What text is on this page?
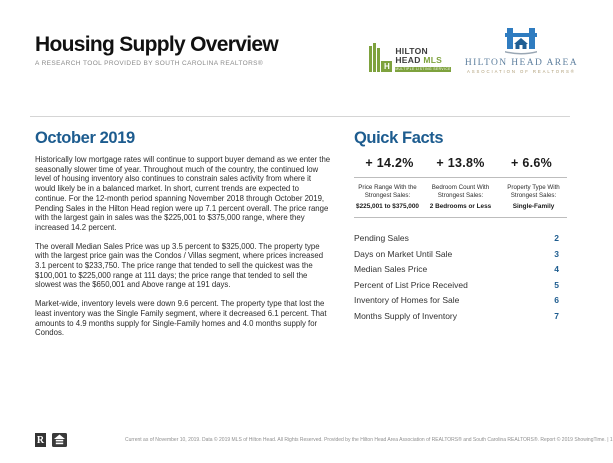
Housing Supply Overview
A RESEARCH TOOL PROVIDED BY SOUTH CAROLINA REALTORS®	H
HILTON
HEAD MLS
MULTIPLE LISTING SERVICE
HILTON HEAD AREA
ASSOCIATION OF REALTORS®
October 2019

Historically low mortgage rates will continue to support buyer demand as we enter the seasonally slower time of year. Throughout much of the country, the continued low level of housing inventory also continues to constrain sales activity from where it would likely be in a balanced market. In short, current trends are expected to continue. For the 12-month period spanning November 2018 through October 2019, Pending Sales in the Hilton Head region were up 7.1 percent overall. The price range with the largest gain in sales was the $225,001 to $375,000 range, where they increased 14.2 percent.

The overall Median Sales Price was up 3.5 percent to $325,000. The property type with the largest price gain was the Condos / Villas segment, where prices increased 3.1 percent to $233,750. The price range that tended to sell the quickest was the $100,001 to $225,000 range at 111 days; the price range that tended to sell the slowest was the $650,001 and Above range at 191 days.

Market-wide, inventory levels were down 9.6 percent. The property type that lost the least inventory was the Single Family segment, where it decreased 6.1 percent. That amounts to 4.9 months supply for Single-Family homes and 4.0 months supply for Condos.

Quick Facts
+ 14.2%	+ 13.8%	+ 6.6%
Price Range With the Strongest Sales:
$225,001 to $375,000
Bedroom Count With Strongest Sales:
2 Bedrooms or Less
Property Type With Strongest Sales:
Single-Family
Pending Sales	2
Days on Market Until Sale	3
Median Sales Price	4
Percent of List Price Received	5
Inventory of Homes for Sale	6
Months Supply of Inventory	7
R	Current as of November 10, 2019. Data © 2019 MLS of Hilton Head. All Rights Reserved. Provided by the Hilton Head Area Association of REALTORS® and South Carolina REALTORS®. Report © 2019 ShowingTime. | 1
